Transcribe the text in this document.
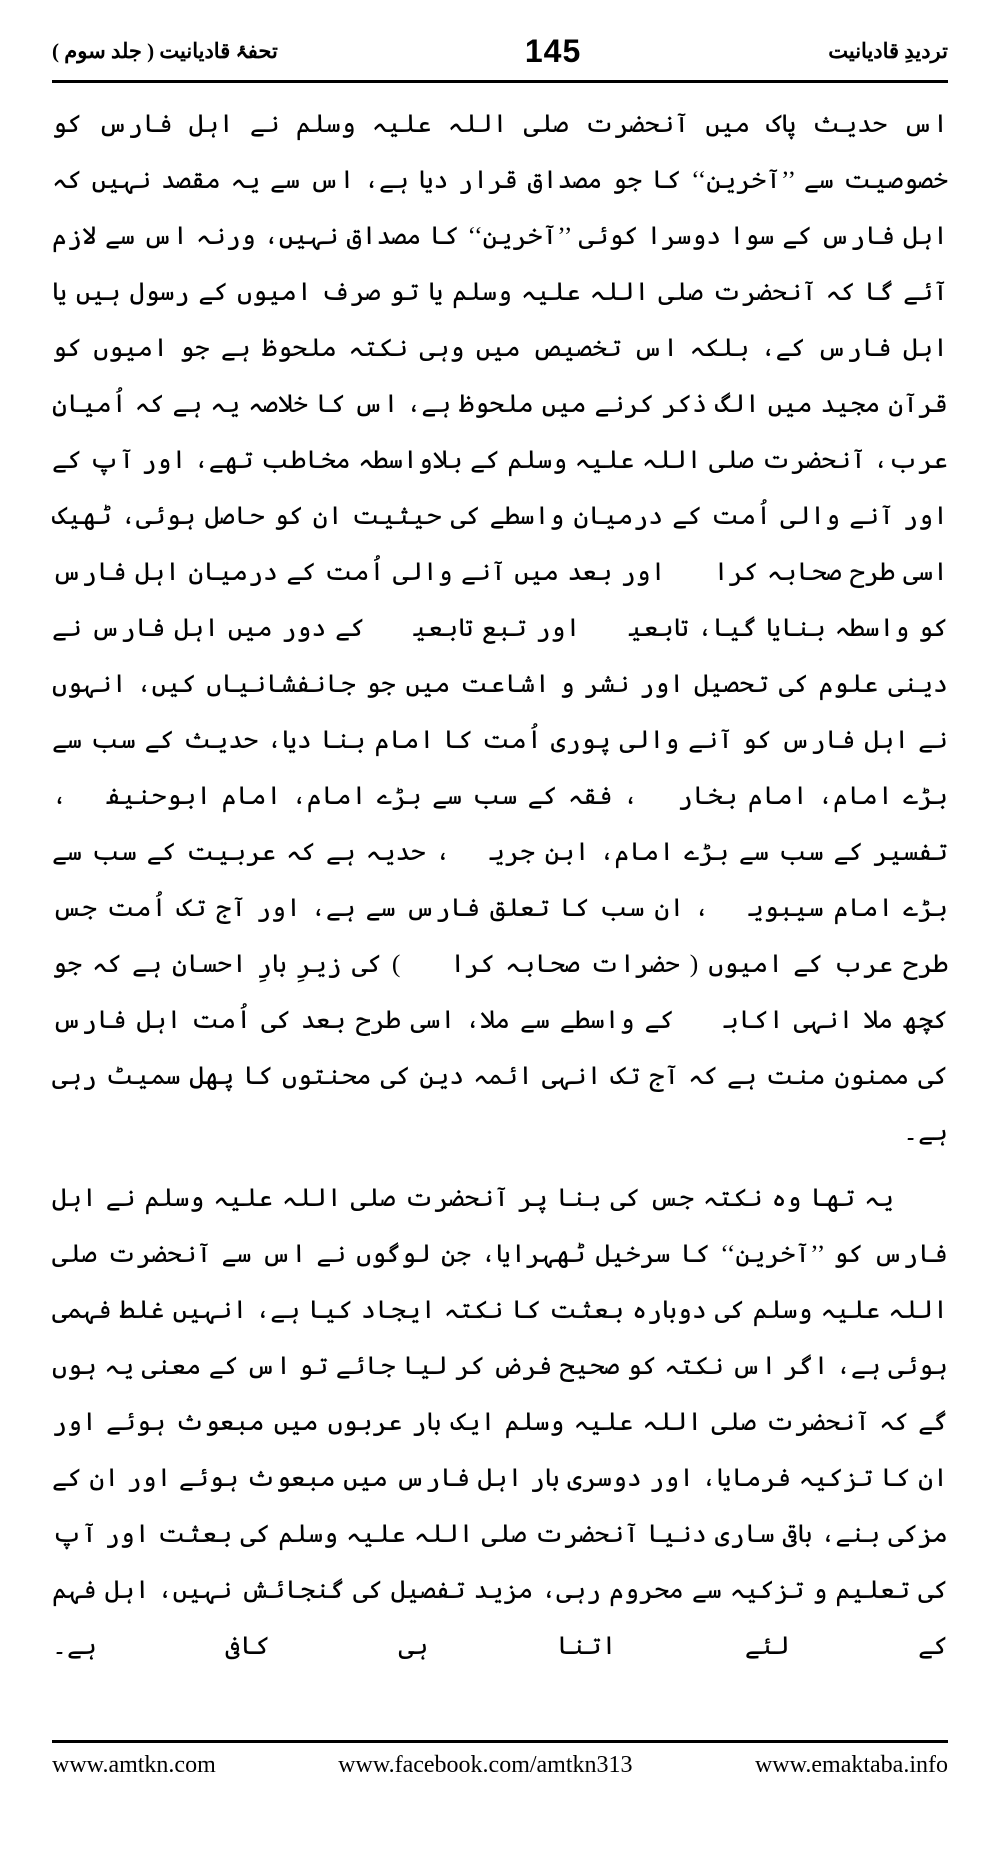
تحفۂ قادیانیت ( جلد سوم )	145	تردیدِ قادیانیت

اس حدیث پاک میں آنحضرت صلی اللہ علیہ وسلم نے اہل فارس کو خصوصیت سے ’’آخرین‘‘ کا جو مصداق قرار دیا ہے، اس سے یہ مقصد نہیں کہ اہل فارس کے سوا دوسرا کوئی ’’آخرین‘‘ کا مصداق نہیں، ورنہ اس سے لازم آئے گا کہ آنحضرت صلی اللہ علیہ وسلم یا تو صرف امیوں کے رسول ہیں یا اہل فارس کے، بلکہ اس تخصیص میں وہی نکتہ ملحوظ ہے جو امیوں کو قرآن مجید میں الگ ذکر کرنے میں ملحوظ ہے، اس کا خلاصہ یہ ہے کہ اُمیانِ عرب، آنحضرت صلی اللہ علیہ وسلم کے بلاواسطہ مخاطب تھے، اور آپ کے اور آنے والی اُمت کے درمیان واسطے کی حیثیت ان کو حاصل ہوئی، ٹھیک اسی طرح صحابہ کرامؓ اور بعد میں آنے والی اُمت کے درمیان اہل فارس کو واسطہ بنایا گیا، تابعینؒ اور تبع تابعینؒ کے دور میں اہل فارس نے دینی علوم کی تحصیل اور نشر و اشاعت میں جو جانفشانیاں کیں، انہوں نے اہل فارس کو آنے والی پوری اُمت کا امام بنا دیا، حدیث کے سب سے بڑے امام، امام بخاریؒ، فقہ کے سب سے بڑے امام، امام ابوحنیفہؒ، تفسیر کے سب سے بڑے امام، ابن جریرؒ، حدیہ ہے کہ عربیت کے سب سے بڑے امام سیبویہؒ، ان سب کا تعلق فارس سے ہے، اور آج تک اُمت جس طرح عرب کے امیوں ( حضرات صحابہ کرامؓ ) کی زیرِ بارِ احسان ہے کہ جو کچھ ملا انہی اکابرؓ کے واسطے سے ملا، اسی طرح بعد کی اُمت اہل فارس کی ممنون منت ہے کہ آج تک انہی ائمہ دین کی محنتوں کا پھل سمیٹ رہی ہے۔

یہ تھا وہ نکتہ جس کی بنا پر آنحضرت صلی اللہ علیہ وسلم نے اہل فارس کو ’’آخرین‘‘ کا سرخیل ٹھہرایا، جن لوگوں نے اس سے آنحضرت صلی اللہ علیہ وسلم کی دوبارہ بعثت کا نکتہ ایجاد کیا ہے، انہیں غلط فہمی ہوئی ہے، اگر اس نکتہ کو صحیح فرض کر لیا جائے تو اس کے معنی یہ ہوں گے کہ آنحضرت صلی اللہ علیہ وسلم ایک بار عربوں میں مبعوث ہوئے اور ان کا تزکیہ فرمایا، اور دوسری بار اہل فارس میں مبعوث ہوئے اور ان کے مزکی بنے، باقی ساری دنیا آنحضرت صلی اللہ علیہ وسلم کی بعثت اور آپ کی تعلیم و تزکیہ سے محروم رہی، مزید تفصیل کی گنجائش نہیں، اہل فہم کے لئے اتنا ہی کافی ہے۔

www.amtkn.com	www.facebook.com/amtkn313	www.emaktaba.info
